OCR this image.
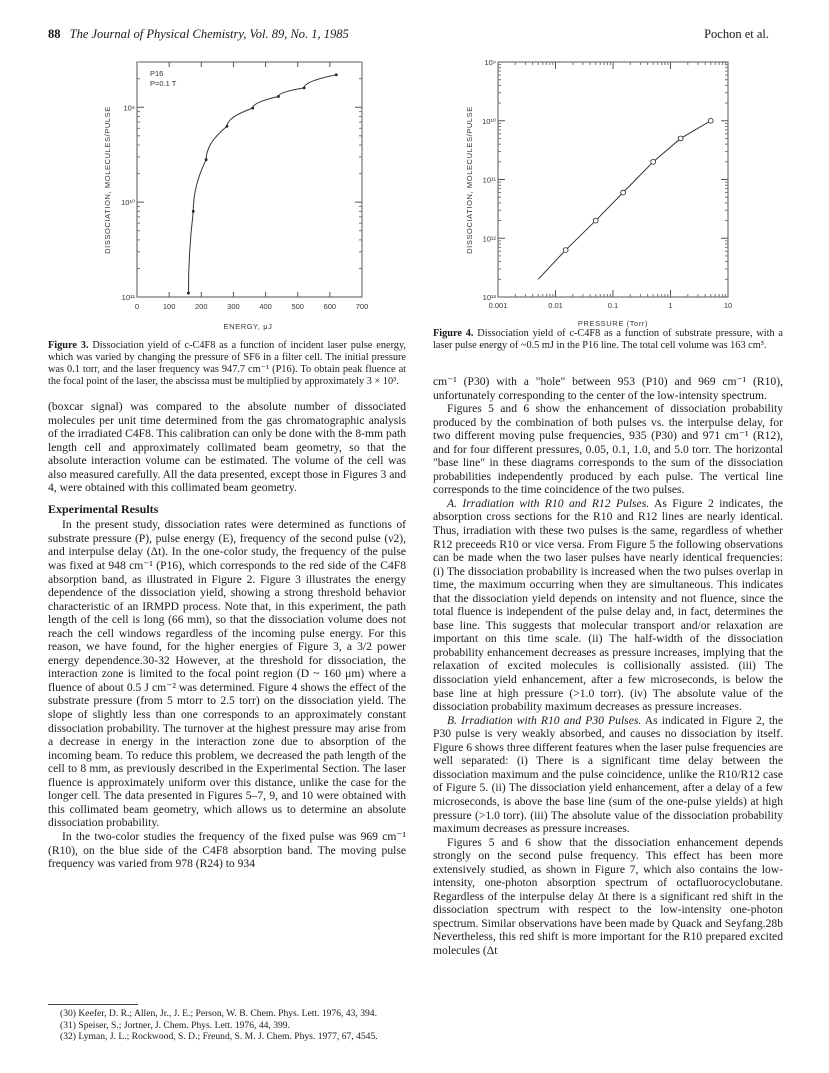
88 The Journal of Physical Chemistry, Vol. 89, No. 1, 1985	Pochon et al.
P16
P=0.1 T
DISSOCIATION, MOLECULES/PULSE
ENERGY, μJ
0	100	200	300	400	500	600	700
10¹¹
10¹⁰
10⁹
Figure 3. Dissociation yield of c-C4F8 as a function of incident laser pulse energy, which was varied by changing the pressure of SF6 in a filter cell. The initial pressure was 0.1 torr, and the laser frequency was 947.7 cm⁻¹ (P16). To obtain peak fluence at the focal point of the laser, the abscissa must be multiplied by approximately 3 × 10³.
DISSOCIATION, MOLECULES/PULSE
PRESSURE (Torr)
0.001	0.01	0.1	1	10
10¹³
10¹²
10¹¹
10¹⁰
10⁹
Figure 4. Dissociation yield of c-C4F8 as a function of substrate pressure, with a laser pulse energy of ~0.5 mJ in the P16 line. The total cell volume was 163 cm³.

(boxcar signal) was compared to the absolute number of dissociated molecules per unit time determined from the gas chromatographic analysis of the irradiated C4F8. This calibration can only be done with the 8-mm path length cell and approximately collimated beam geometry, so that the absolute interaction volume can be estimated. The volume of the cell was also measured carefully. All the data presented, except those in Figures 3 and 4, were obtained with this collimated beam geometry.

Experimental Results

In the present study, dissociation rates were determined as functions of substrate pressure (P), pulse energy (E), frequency of the second pulse (ν2), and interpulse delay (Δt). In the one-color study, the frequency of the pulse was fixed at 948 cm⁻¹ (P16), which corresponds to the red side of the C4F8 absorption band, as illustrated in Figure 2. Figure 3 illustrates the energy dependence of the dissociation yield, showing a strong threshold behavior characteristic of an IRMPD process. Note that, in this experiment, the path length of the cell is long (66 mm), so that the dissociation volume does not reach the cell windows regardless of the incoming pulse energy. For this reason, we have found, for the higher energies of Figure 3, a 3/2 power energy dependence.30-32 However, at the threshold for dissociation, the interaction zone is limited to the focal point region (D ~ 160 μm) where a fluence of about 0.5 J cm⁻² was determined. Figure 4 shows the effect of the substrate pressure (from 5 mtorr to 2.5 torr) on the dissociation yield. The slope of slightly less than one corresponds to an approximately constant dissociation probability. The turnover at the highest pressure may arise from a decrease in energy in the interaction zone due to absorption of the incoming beam. To reduce this problem, we decreased the path length of the cell to 8 mm, as previously described in the Experimental Section. The laser fluence is approximately uniform over this distance, unlike the case for the longer cell. The data presented in Figures 5–7, 9, and 10 were obtained with this collimated beam geometry, which allows us to determine an absolute dissociation probability.

In the two-color studies the frequency of the fixed pulse was 969 cm⁻¹ (R10), on the blue side of the C4F8 absorption band. The moving pulse frequency was varied from 978 (R24) to 934

(30) Keefer, D. R.; Allen, Jr., J. E.; Person, W. B. Chem. Phys. Lett. 1976, 43, 394.

(31) Speiser, S.; Jortner, J. Chem. Phys. Lett. 1976, 44, 399.

(32) Lyman, J. L.; Rockwood, S. D.; Freund, S. M. J. Chem. Phys. 1977, 67, 4545.

cm⁻¹ (P30) with a "hole" between 953 (P10) and 969 cm⁻¹ (R10), unfortunately corresponding to the center of the low-intensity spectrum.

Figures 5 and 6 show the enhancement of dissociation probability produced by the combination of both pulses vs. the interpulse delay, for two different moving pulse frequencies, 935 (P30) and 971 cm⁻¹ (R12), and for four different pressures, 0.05, 0.1, 1.0, and 5.0 torr. The horizontal "base line" in these diagrams corresponds to the sum of the dissociation probabilities independently produced by each pulse. The vertical line corresponds to the time coincidence of the two pulses.

A. Irradiation with R10 and R12 Pulses. As Figure 2 indicates, the absorption cross sections for the R10 and R12 lines are nearly identical. Thus, irradiation with these two pulses is the same, regardless of whether R12 preceeds R10 or vice versa. From Figure 5 the following observations can be made when the two laser pulses have nearly identical frequencies: (i) The dissociation probability is increased when the two pulses overlap in time, the maximum occurring when they are simultaneous. This indicates that the dissociation yield depends on intensity and not fluence, since the total fluence is independent of the pulse delay and, in fact, determines the base line. This suggests that molecular transport and/or relaxation are important on this time scale. (ii) The half-width of the dissociation probability enhancement decreases as pressure increases, implying that the relaxation of excited molecules is collisionally assisted. (iii) The dissociation yield enhancement, after a few microseconds, is below the base line at high pressure (>1.0 torr). (iv) The absolute value of the dissociation probability maximum decreases as pressure increases.

B. Irradiation with R10 and P30 Pulses. As indicated in Figure 2, the P30 pulse is very weakly absorbed, and causes no dissociation by itself. Figure 6 shows three different features when the laser pulse frequencies are well separated: (i) There is a significant time delay between the dissociation maximum and the pulse coincidence, unlike the R10/R12 case of Figure 5. (ii) The dissociation yield enhancement, after a delay of a few microseconds, is above the base line (sum of the one-pulse yields) at high pressure (>1.0 torr). (iii) The absolute value of the dissociation probability maximum decreases as pressure increases.

Figures 5 and 6 show that the dissociation enhancement depends strongly on the second pulse frequency. This effect has been more extensively studied, as shown in Figure 7, which also contains the low-intensity, one-photon absorption spectrum of octafluorocyclobutane. Regardless of the interpulse delay Δt there is a significant red shift in the dissociation spectrum with respect to the low-intensity one-photon spectrum. Similar observations have been made by Quack and Seyfang.28b Nevertheless, this red shift is more important for the R10 prepared excited molecules (Δt
